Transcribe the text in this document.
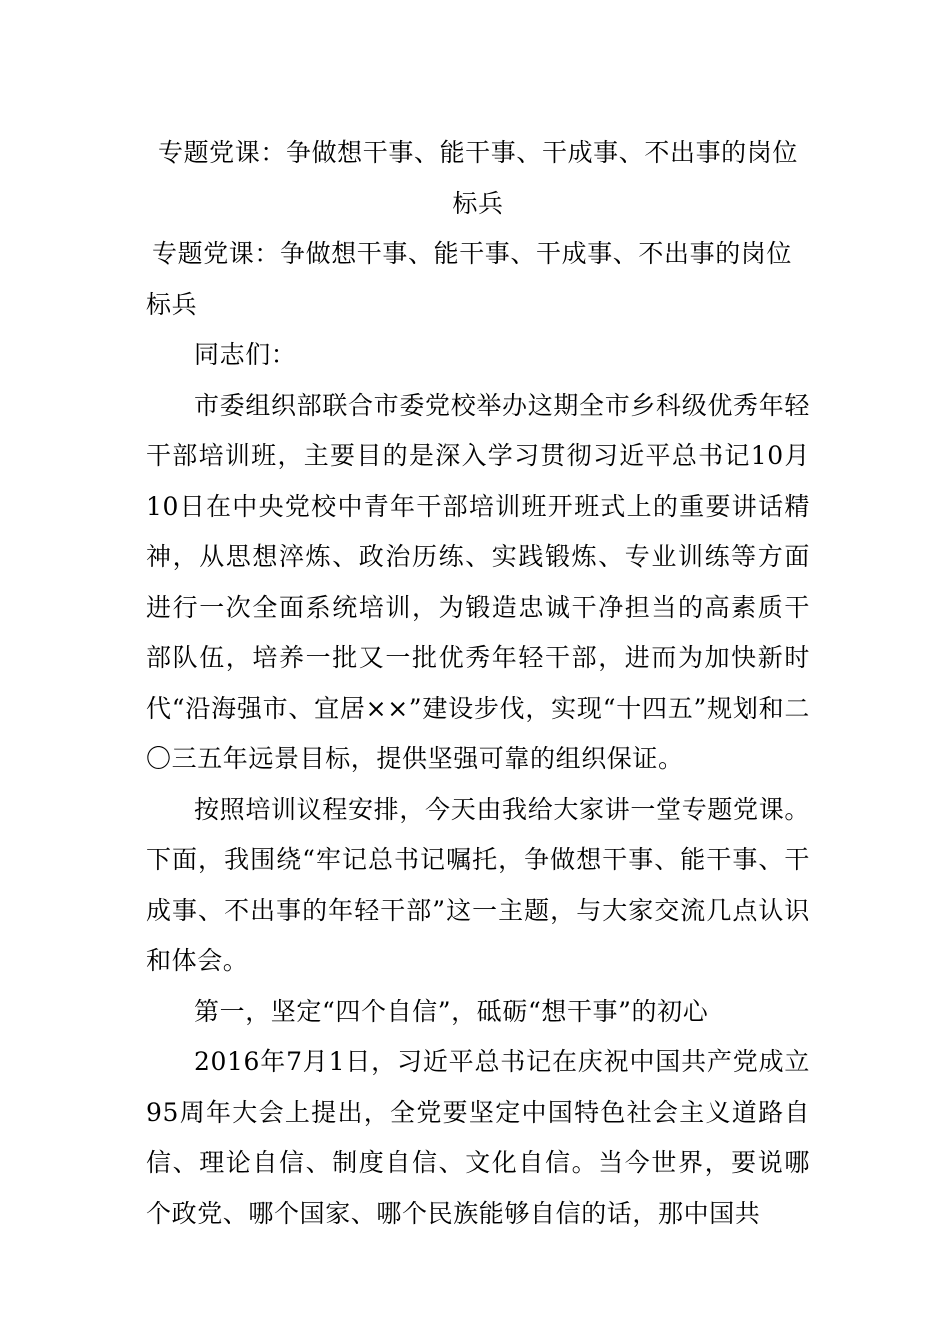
专题党课：争做想干事、能干事、干成事、不出事的岗位标兵

专题党课：争做想干事、能干事、干成事、不出事的岗位标兵

同志们：

市委组织部联合市委党校举办这期全市乡科级优秀年轻干部培训班，主要目的是深入学习贯彻习近平总书记10月10日在中央党校中青年干部培训班开班式上的重要讲话精神，从思想淬炼、政治历练、实践锻炼、专业训练等方面进行一次全面系统培训，为锻造忠诚干净担当的高素质干部队伍，培养一批又一批优秀年轻干部，进而为加快新时代“沿海强市、宜居××”建设步伐，实现“十四五”规划和二〇三五年远景目标，提供坚强可靠的组织保证。

按照培训议程安排，今天由我给大家讲一堂专题党课。下面，我围绕“牢记总书记嘱托，争做想干事、能干事、干成事、不出事的年轻干部”这一主题，与大家交流几点认识和体会。

第一，坚定“四个自信”，砥砺“想干事”的初心

2016年7月1日，习近平总书记在庆祝中国共产党成立95周年大会上提出，全党要坚定中国特色社会主义道路自信、理论自信、制度自信、文化自信。当今世界，要说哪个政党、哪个国家、哪个民族能够自信的话，那中国共
